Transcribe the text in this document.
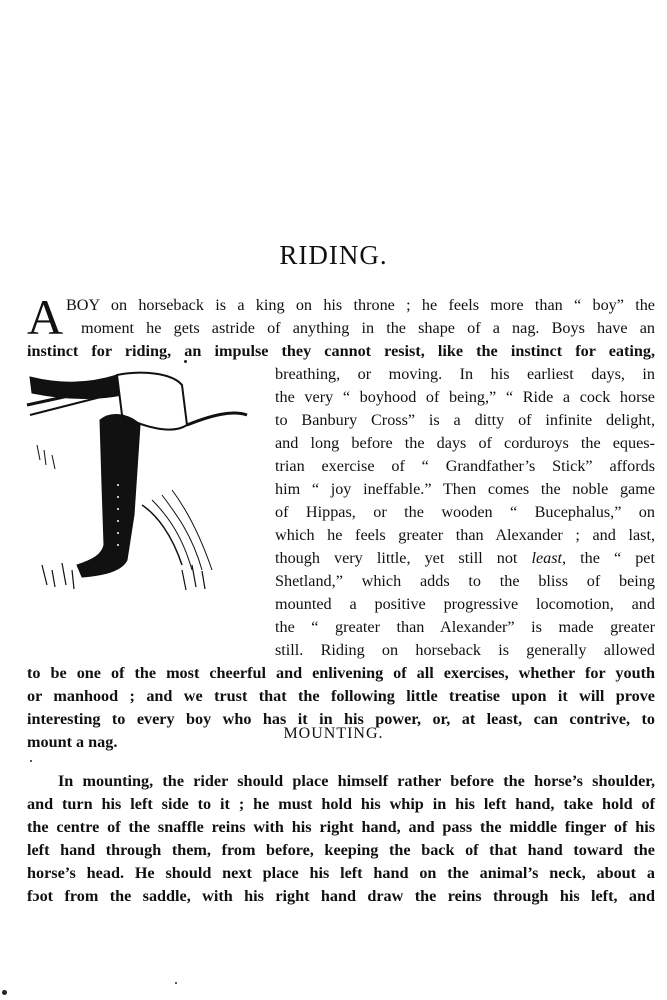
RIDING.
A BOY on horseback is a king on his throne ; he feels more than “ boy” the
moment he gets astride of anything in the shape of a nag. Boys have an
instinct for riding, an impulse they cannot resist, like the instinct for eating,
breathing, or moving. In his earliest days, in
the very “ boyhood of being,” “ Ride a cock horse
to Banbury Cross” is a ditty of infinite delight,
and long before the days of corduroys the eques-
trian exercise of “ Grandfather’s Stick” affords
him “ joy ineffable.” Then comes the noble game
of Hippas, or the wooden “ Bucephalus,” on
which he feels greater than Alexander ; and last,
though very little, yet still not least, the “ pet
Shetland,” which adds to the bliss of being
mounted a positive progressive locomotion, and
the “ greater than Alexander” is made greater
still. Riding on horseback is generally allowed
to be one of the most cheerful and enlivening of all exercises, whether for youth
or manhood ; and we trust that the following little treatise upon it will prove
interesting to every boy who has it in his power, or, at least, can contrive, to
mount a nag.	MOUNTING.
In mounting, the rider should place himself rather before the horse’s shoulder,
and turn his left side to it ; he must hold his whip in his left hand, take hold of
the centre of the snaffle reins with his right hand, and pass the middle finger of his
left hand through them, from before, keeping the back of that hand toward the
horse’s head. He should next place his left hand on the animal’s neck, about a
fɔot from the saddle, with his right hand draw the reins through his left, and
